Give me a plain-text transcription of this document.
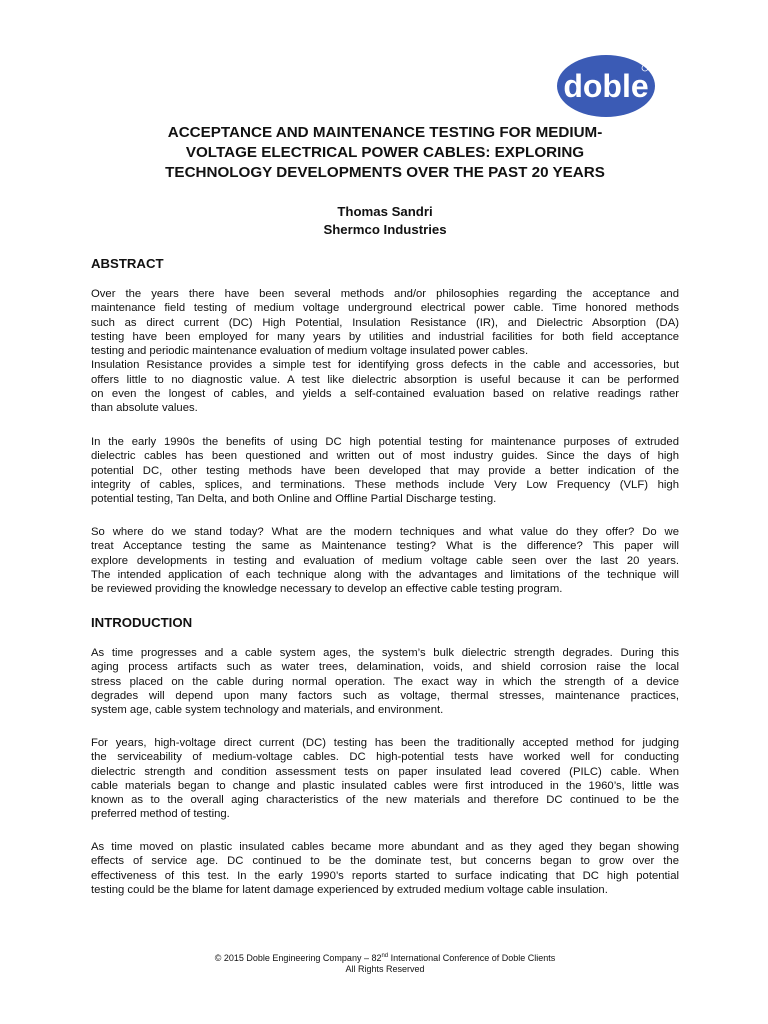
doble
ACCEPTANCE AND MAINTENANCE TESTING FOR MEDIUM-
VOLTAGE ELECTRICAL POWER CABLES: EXPLORING
TECHNOLOGY DEVELOPMENTS OVER THE PAST 20 YEARS
Thomas Sandri
Shermco Industries
ABSTRACT
Over the years there have been several methods and/or philosophies regarding the acceptance and
maintenance field testing of medium voltage underground electrical power cable. Time honored methods
such as direct current (DC) High Potential, Insulation Resistance (IR), and Dielectric Absorption (DA)
testing have been employed for many years by utilities and industrial facilities for both field acceptance
testing and periodic maintenance evaluation of medium voltage insulated power cables.
Insulation Resistance provides a simple test for identifying gross defects in the cable and accessories, but
offers little to no diagnostic value. A test like dielectric absorption is useful because it can be performed
on even the longest of cables, and yields a self-contained evaluation based on relative readings rather
than absolute values.
In the early 1990s the benefits of using DC high potential testing for maintenance purposes of extruded
dielectric cables has been questioned and written out of most industry guides. Since the days of high
potential DC, other testing methods have been developed that may provide a better indication of the
integrity of cables, splices, and terminations. These methods include Very Low Frequency (VLF) high
potential testing, Tan Delta, and both Online and Offline Partial Discharge testing.
So where do we stand today? What are the modern techniques and what value do they offer? Do we
treat Acceptance testing the same as Maintenance testing? What is the difference? This paper will
explore developments in testing and evaluation of medium voltage cable seen over the last 20 years.
The intended application of each technique along with the advantages and limitations of the technique will
be reviewed providing the knowledge necessary to develop an effective cable testing program.
INTRODUCTION
As time progresses and a cable system ages, the system’s bulk dielectric strength degrades. During this
aging process artifacts such as water trees, delamination, voids, and shield corrosion raise the local
stress placed on the cable during normal operation. The exact way in which the strength of a device
degrades will depend upon many factors such as voltage, thermal stresses, maintenance practices,
system age, cable system technology and materials, and environment.
For years, high-voltage direct current (DC) testing has been the traditionally accepted method for judging
the serviceability of medium-voltage cables. DC high-potential tests have worked well for conducting
dielectric strength and condition assessment tests on paper insulated lead covered (PILC) cable. When
cable materials began to change and plastic insulated cables were first introduced in the 1960’s, little was
known as to the overall aging characteristics of the new materials and therefore DC continued to be the
preferred method of testing.
As time moved on plastic insulated cables became more abundant and as they aged they began showing
effects of service age. DC continued to be the dominate test, but concerns began to grow over the
effectiveness of this test. In the early 1990’s reports started to surface indicating that DC high potential
testing could be the blame for latent damage experienced by extruded medium voltage cable insulation.
© 2015 Doble Engineering Company – 82nd International Conference of Doble Clients
All Rights Reserved
